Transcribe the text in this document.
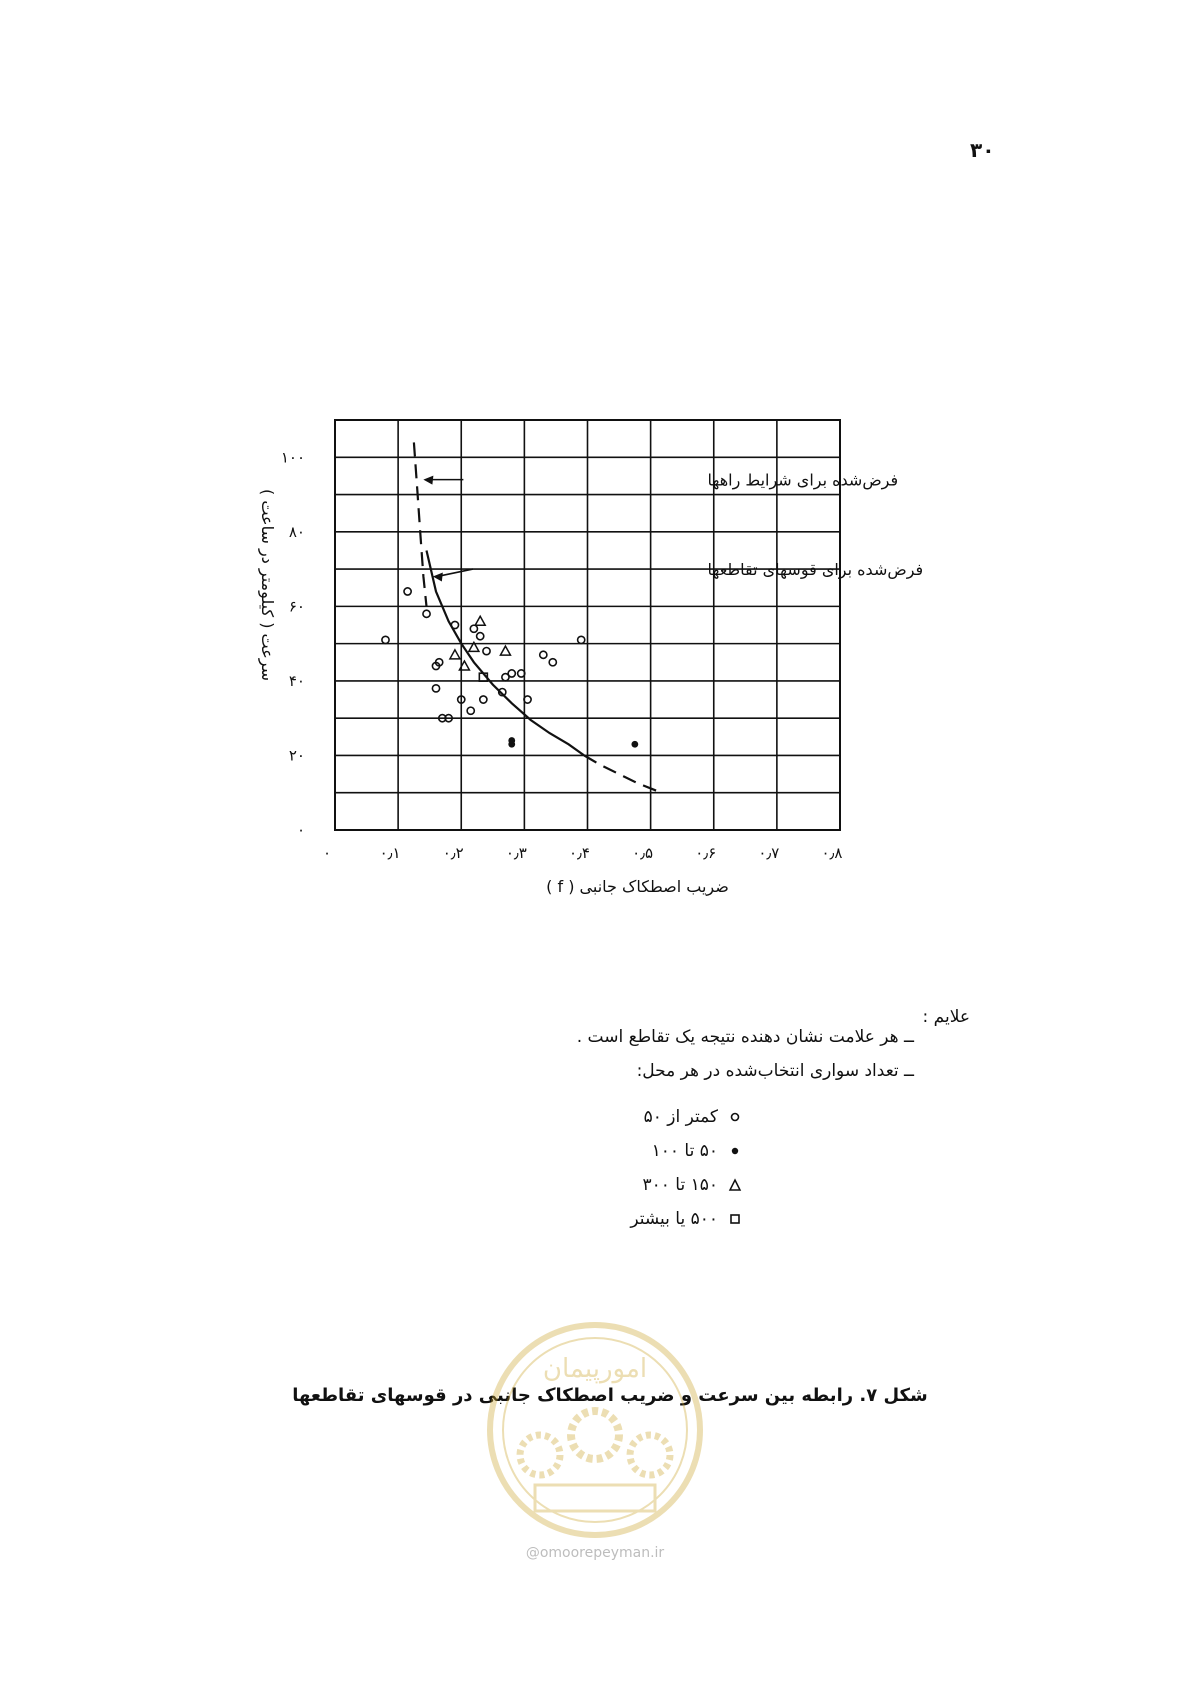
۳۰
۰	۰٫۱	۰٫۲	۰٫۳	۰٫۴	۰٫۵	۰٫۶	۰٫۷	۰٫۸
۰
۲۰
۴۰
۶۰
۸۰
۱۰۰
ضریب اصطکاک جانبی ( f )
سرعت ( کیلومتر در ساعت )
فرض‌شده برای شرایط راهها
فرض‌شده برای قوسهای تقاطعها
علایم :
ــ هر علامت نشان دهنده نتیجه یک تقاطع است .
ــ تعداد سواری انتخاب‌شده در هر محل:
کمتر از ۵۰
۵۰ تا ۱۰۰
۱۵۰ تا ۳۰۰
۵۰۰ یا بیشتر
شکل ۷. رابطه بین سرعت و ضریب اصطکاک جانبی در قوسهای تقاطعها
امورپیمان
@omoorepeyman.ir
